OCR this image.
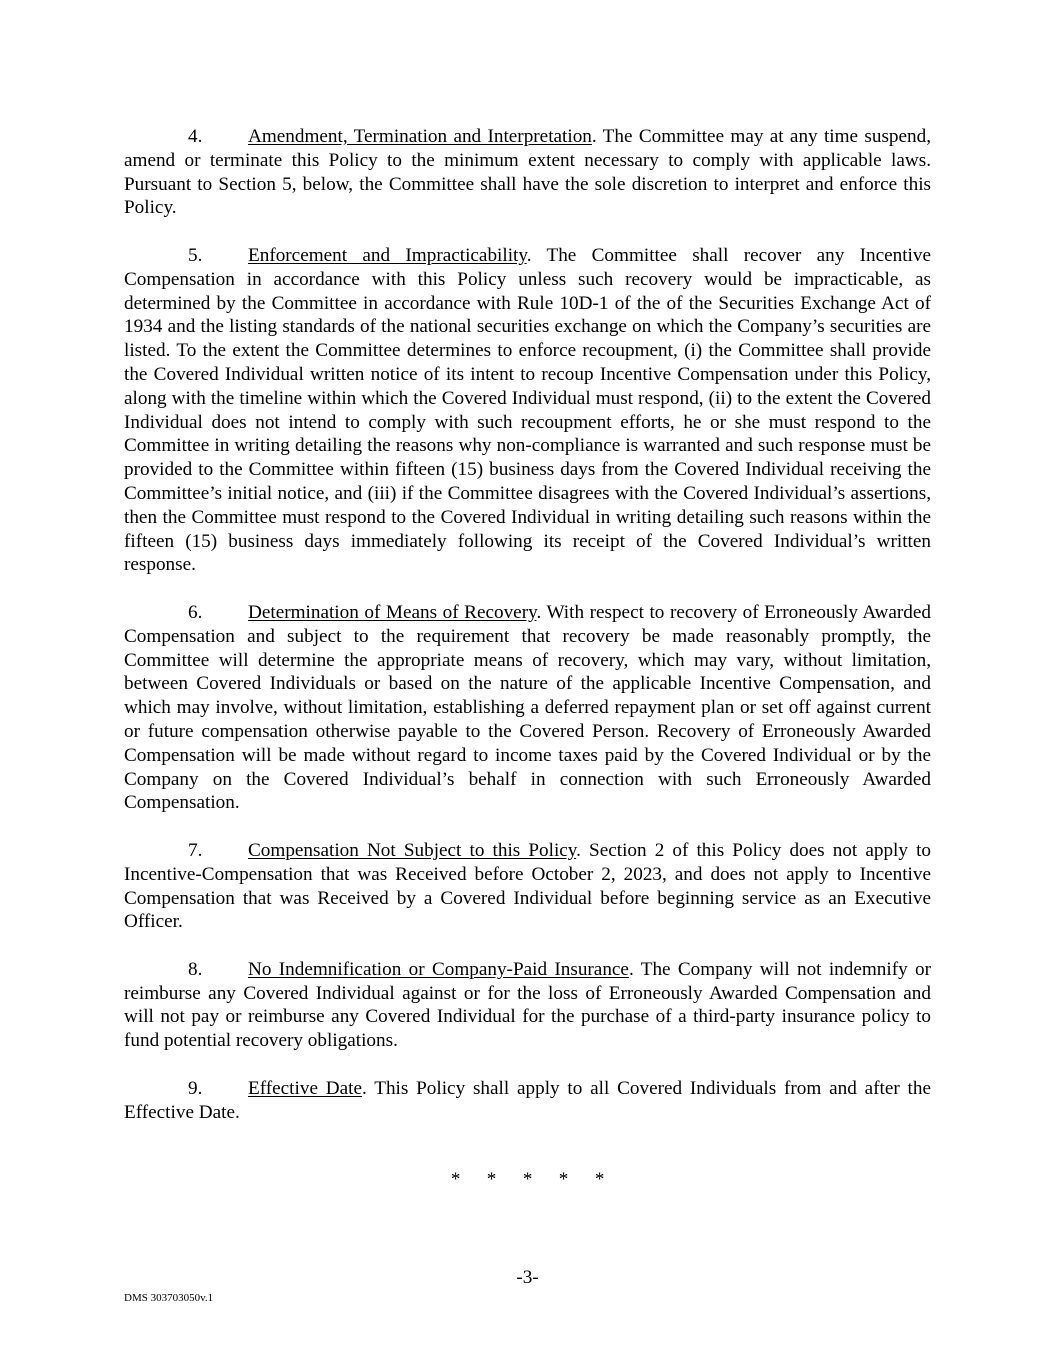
4. Amendment, Termination and Interpretation. The Committee may at any time suspend, amend or terminate this Policy to the minimum extent necessary to comply with applicable laws. Pursuant to Section 5, below, the Committee shall have the sole discretion to interpret and enforce this Policy.

5. Enforcement and Impracticability. The Committee shall recover any Incentive Compensation in accordance with this Policy unless such recovery would be impracticable, as determined by the Committee in accordance with Rule 10D-1 of the of the Securities Exchange Act of 1934 and the listing standards of the national securities exchange on which the Company’s securities are listed. To the extent the Committee determines to enforce recoupment, (i) the Committee shall provide the Covered Individual written notice of its intent to recoup Incentive Compensation under this Policy, along with the timeline within which the Covered Individual must respond, (ii) to the extent the Covered Individual does not intend to comply with such recoupment efforts, he or she must respond to the Committee in writing detailing the reasons why non-compliance is warranted and such response must be provided to the Committee within fifteen (15) business days from the Covered Individual receiving the Committee’s initial notice, and (iii) if the Committee disagrees with the Covered Individual’s assertions, then the Committee must respond to the Covered Individual in writing detailing such reasons within the fifteen (15) business days immediately following its receipt of the Covered Individual’s written response.

6. Determination of Means of Recovery. With respect to recovery of Erroneously Awarded Compensation and subject to the requirement that recovery be made reasonably promptly, the Committee will determine the appropriate means of recovery, which may vary, without limitation, between Covered Individuals or based on the nature of the applicable Incentive Compensation, and which may involve, without limitation, establishing a deferred repayment plan or set off against current or future compensation otherwise payable to the Covered Person. Recovery of Erroneously Awarded Compensation will be made without regard to income taxes paid by the Covered Individual or by the Company on the Covered Individual’s behalf in connection with such Erroneously Awarded Compensation.

7. Compensation Not Subject to this Policy. Section 2 of this Policy does not apply to Incentive-Compensation that was Received before October 2, 2023, and does not apply to Incentive Compensation that was Received by a Covered Individual before beginning service as an Executive Officer.

8. No Indemnification or Company-Paid Insurance. The Company will not indemnify or reimburse any Covered Individual against or for the loss of Erroneously Awarded Compensation and will not pay or reimburse any Covered Individual for the purchase of a third-party insurance policy to fund potential recovery obligations.

9. Effective Date. This Policy shall apply to all Covered Individuals from and after the Effective Date.

* * * * *
-3-
DMS 303703050v.1
